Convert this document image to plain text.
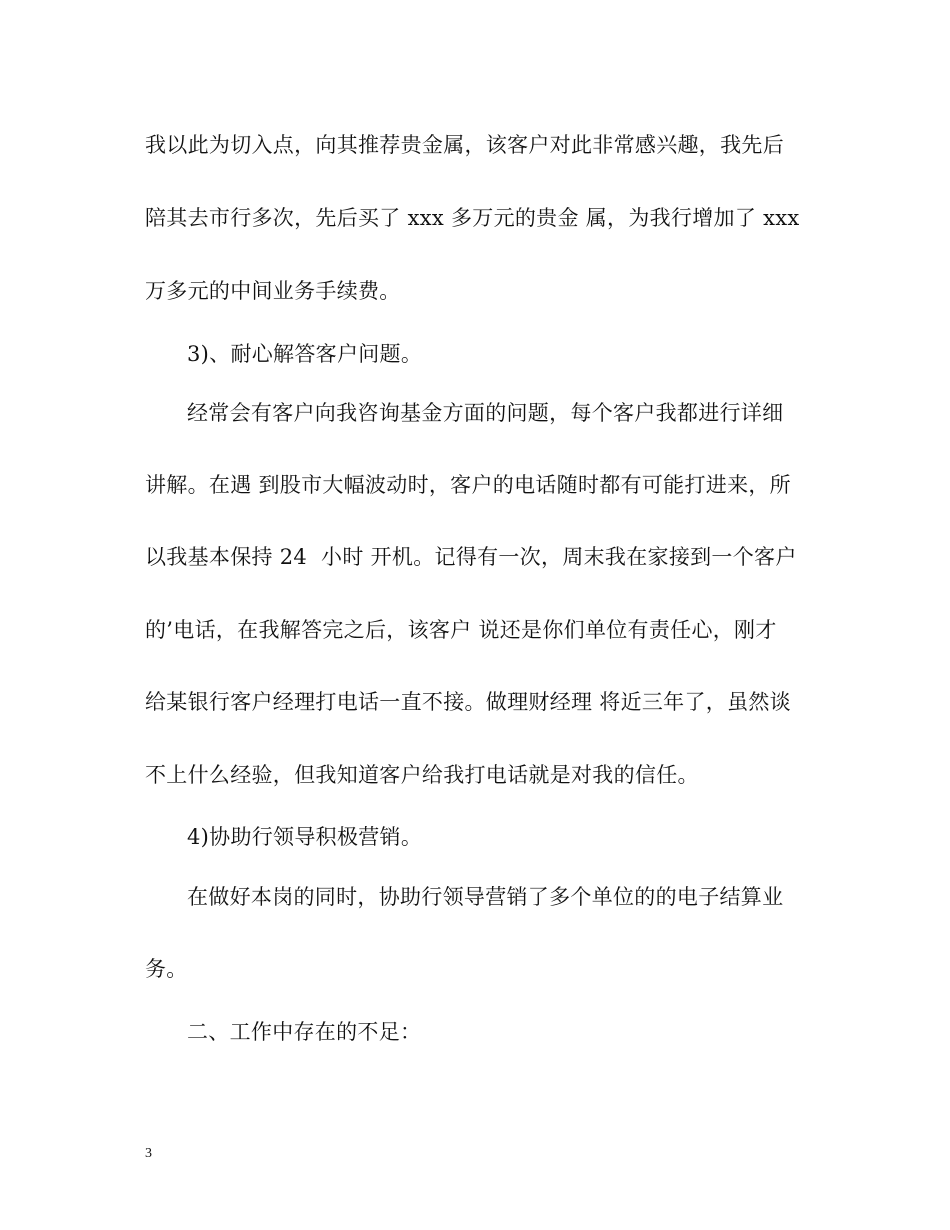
我以此为切入点，向其推荐贵金属，该客户对此非常感兴趣，我先后
陪其去市行多次，先后买了 xxx 多万元的贵金 属，为我行增加了 xxx
万多元的中间业务手续费。
3)、耐心解答客户问题。
经常会有客户向我咨询基金方面的问题，每个客户我都进行详细
讲解。在遇 到股市大幅波动时，客户的电话随时都有可能打进来，所
以我基本保持 24  小时 开机。记得有一次，周末我在家接到一个客户
的’电话，在我解答完之后，该客户 说还是你们单位有责任心，刚才
给某银行客户经理打电话一直不接。做理财经理 将近三年了，虽然谈
不上什么经验，但我知道客户给我打电话就是对我的信任。
4)协助行领导积极营销。
在做好本岗的同时，协助行领导营销了多个单位的的电子结算业
务。
二、工作中存在的不足：
3
